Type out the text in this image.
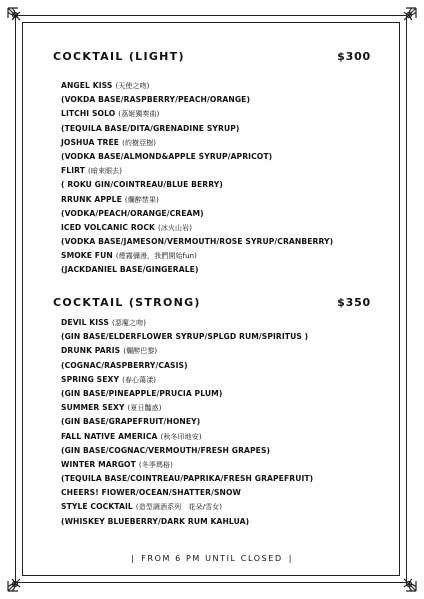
COCKTAIL (LIGHT)	$300
ANGEL KISS (天使之吻)
(VOKDA BASE/RASPBERRY/PEACH/ORANGE)
LITCHI SOLO (荔姬獨奏曲)
(TEQUILA BASE/DITA/GRENADINE SYRUP)
JOSHUA TREE (約樹亞樹)
(VODKA BASE/ALMOND&APPLE SYRUP/APRICOT)
FLIRT (暗來眼去)
( ROKU GIN/COINTREAU/BLUE BERRY)
RRUNK APPLE (爛醉禁果)
(VODKA/PEACH/ORANGE/CREAM)
ICED VOLCANIC ROCK (冰火山岩)
(VODKA BASE/JAMESON/VERMOUTH/ROSE SYRUP/CRANBERRY)
SMOKE FUN (煙霧彌漫，我們開始fun)
(JACKDANIEL BASE/GINGERALE)
COCKTAIL (STRONG)	$350
DEVIL KISS (惡魔之吻)
(GIN BASE/ELDERFLOWER SYRUP/SPLGD RUM/SPIRITUS )
DRUNK PARIS (爛醉巴黎)
(COGNAC/RASPBERRY/CASIS)
SPRING SEXY (春心蕩漾)
(GIN BASE/PINEAPPLE/PRUCIA PLUM)
SUMMER SEXY (夏日豔惑)
(GIN BASE/GRAPEFRUIT/HONEY)
FALL NATIVE AMERICA (秋冬印地安)
(GIN BASE/COGNAC/VERMOUTH/FRESH GRAPES)
WINTER MARGOT (冬季瑪格)
(TEQUILA BASE/COINTREAU/PAPRIKA/FRESH GRAPEFRUIT)
CHEERS! FIOWER/OCEAN/SHATTER/SNOW
STYLE COCKTAIL (造型調酒系列　花朵/雪女)
(WHISKEY BLUEBERRY/DARK RUM KAHLUA)
| FROM 6 PM UNTIL CLOSED |
